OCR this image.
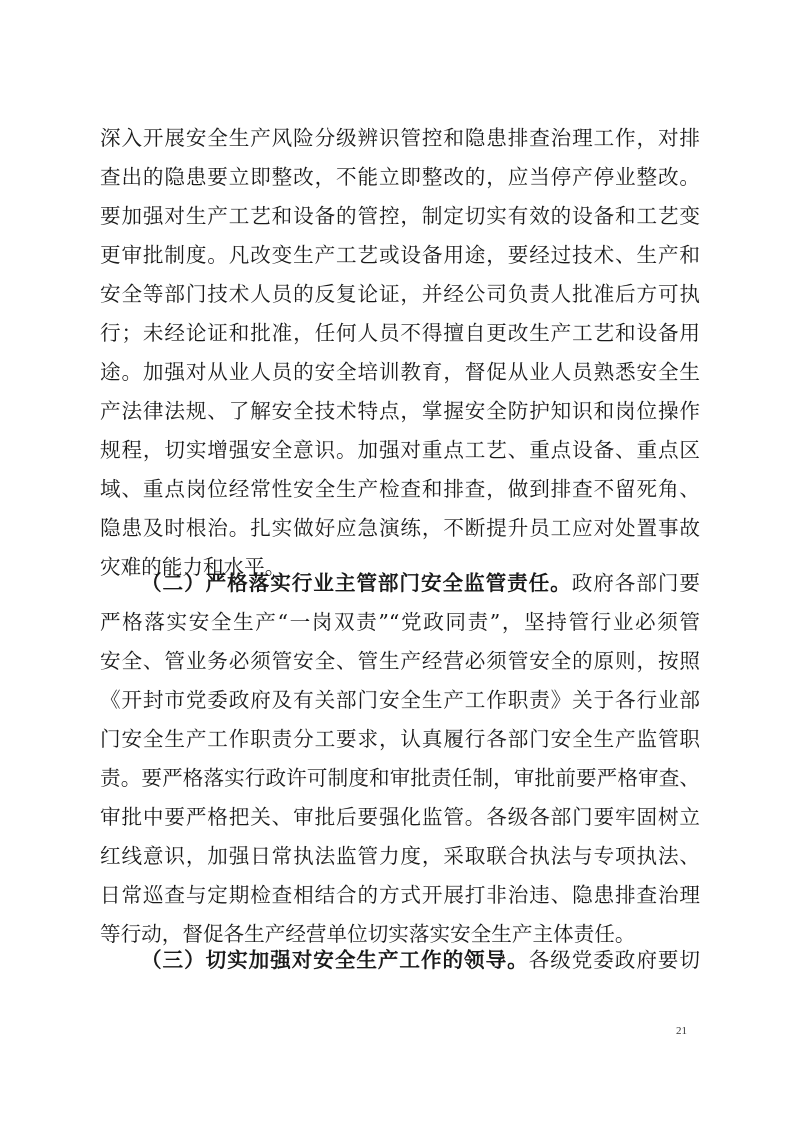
深入开展安全生产风险分级辨识管控和隐患排查治理工作，对排
查出的隐患要立即整改，不能立即整改的，应当停产停业整改。
要加强对生产工艺和设备的管控，制定切实有效的设备和工艺变
更审批制度。凡改变生产工艺或设备用途，要经过技术、生产和
安全等部门技术人员的反复论证，并经公司负责人批准后方可执
行；未经论证和批准，任何人员不得擅自更改生产工艺和设备用
途。加强对从业人员的安全培训教育，督促从业人员熟悉安全生
产法律法规、了解安全技术特点，掌握安全防护知识和岗位操作
规程，切实增强安全意识。加强对重点工艺、重点设备、重点区
域、重点岗位经常性安全生产检查和排查，做到排查不留死角、
隐患及时根治。扎实做好应急演练，不断提升员工应对处置事故
灾难的能力和水平。
（二）严格落实行业主管部门安全监管责任。政府各部门要
严格落实安全生产“一岗双责”“党政同责”，坚持管行业必须管
安全、管业务必须管安全、管生产经营必须管安全的原则，按照
《开封市党委政府及有关部门安全生产工作职责》关于各行业部
门安全生产工作职责分工要求，认真履行各部门安全生产监管职
责。要严格落实行政许可制度和审批责任制，审批前要严格审查、
审批中要严格把关、审批后要强化监管。各级各部门要牢固树立
红线意识，加强日常执法监管力度，采取联合执法与专项执法、
日常巡查与定期检查相结合的方式开展打非治违、隐患排查治理
等行动，督促各生产经营单位切实落实安全生产主体责任。
（三）切实加强对安全生产工作的领导。各级党委政府要切
21
